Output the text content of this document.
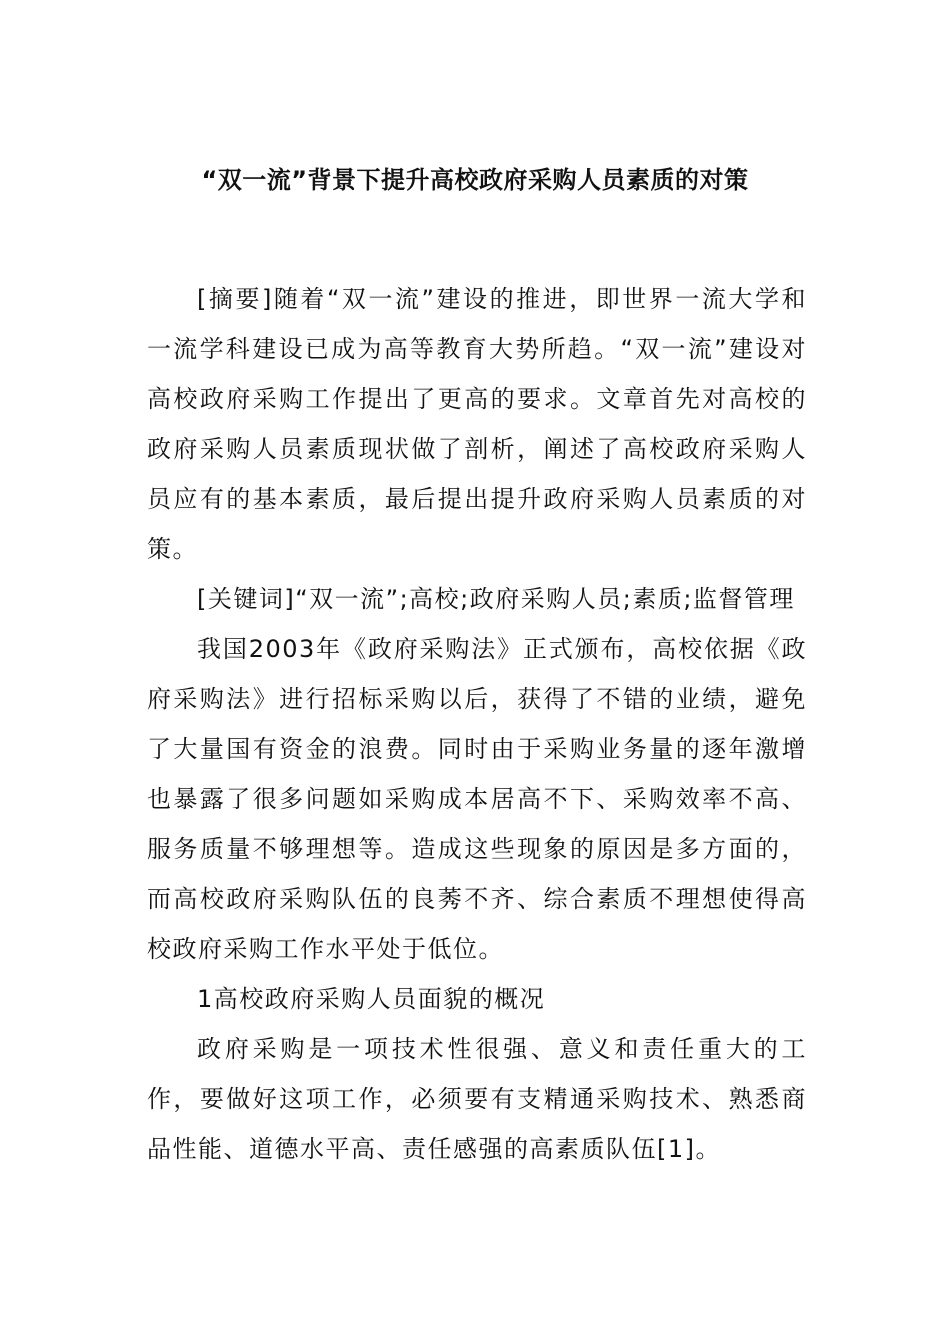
“双一流”背景下提升高校政府采购人员素质的对策

[摘要]随着“双一流”建设的推进，即世界一流大学和一流学科建设已成为高等教育大势所趋。“双一流”建设对高校政府采购工作提出了更高的要求。文章首先对高校的政府采购人员素质现状做了剖析，阐述了高校政府采购人员应有的基本素质，最后提出提升政府采购人员素质的对策。

[关键词]“双一流”;高校;政府采购人员;素质;监督管理

我国2003年《政府采购法》正式颁布，高校依据《政府采购法》进行招标采购以后，获得了不错的业绩，避免了大量国有资金的浪费。同时由于采购业务量的逐年激增也暴露了很多问题如采购成本居高不下、采购效率不高、服务质量不够理想等。造成这些现象的原因是多方面的，而高校政府采购队伍的良莠不齐、综合素质不理想使得高校政府采购工作水平处于低位。

1高校政府采购人员面貌的概况

政府采购是一项技术性很强、意义和责任重大的工作，要做好这项工作，必须要有支精通采购技术、熟悉商品性能、道德水平高、责任感强的高素质队伍[1]。
